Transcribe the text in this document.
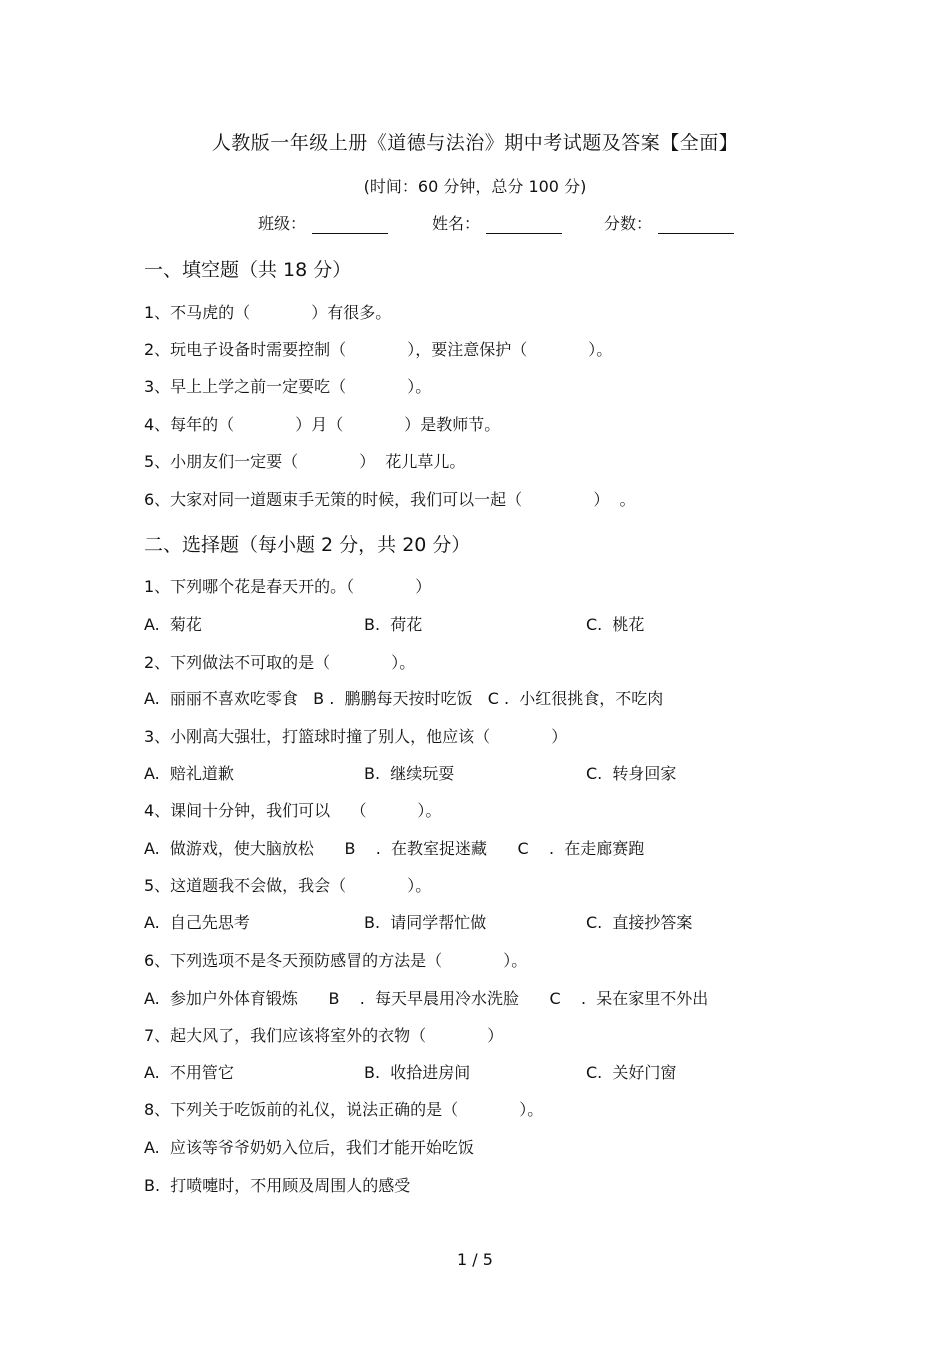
人教版一年级上册《道德与法治》期中考试题及答案【全面】
(时间：60 分钟，总分 100 分)
班级：	姓名：	分数：
一、填空题（共 18 分）
1、不马虎的（            ）有很多。
2、玩电子设备时需要控制（            ），要注意保护（            ）。
3、早上上学之前一定要吃（            ）。
4、每年的（            ）月（            ）是教师节。
5、小朋友们一定要（            ）  花儿草儿。
6、大家对同一道题束手无策的时候，我们可以一起（              ）  。
二、选择题（每小题 2 分，共 20 分）
1、下列哪个花是春天开的。（            ）
A.  菊花	B.  荷花	C.  桃花
2、下列做法不可取的是（            ）。
A.  丽丽不喜欢吃零食   B .  鹏鹏每天按时吃饭   C .  小红很挑食，不吃肉
3、小刚高大强壮，打篮球时撞了别人，他应该（            ）
A.  赔礼道歉	B.  继续玩耍	C.  转身回家
4、课间十分钟，我们可以    （          ）。
A.  做游戏，使大脑放松      B    .  在教室捉迷藏      C    .  在走廊赛跑
5、这道题我不会做，我会（            ）。
A.  自己先思考	B.  请同学帮忙做	C.  直接抄答案
6、下列选项不是冬天预防感冒的方法是（            ）。
A.  参加户外体育锻炼      B    .  每天早晨用冷水洗脸      C    .  呆在家里不外出
7、起大风了，我们应该将室外的衣物（            ）
A.  不用管它	B.  收拾进房间	C.  关好门窗
8、下列关于吃饭前的礼仪，说法正确的是（            ）。
A.  应该等爷爷奶奶入位后，我们才能开始吃饭
B.  打喷嚏时，不用顾及周围人的感受
1 / 5
